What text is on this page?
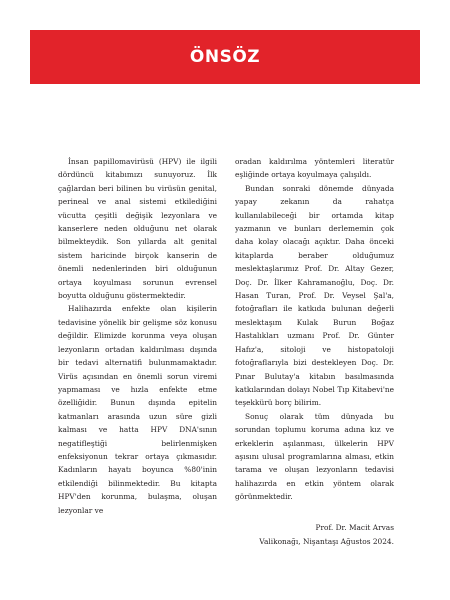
ÖNSÖZ

İnsan papillomavirüsü (HPV) ile ilgili dördüncü kitabımızı sunuyoruz. İlk çağlardan beri bilinen bu virüsün genital, perineal ve anal sistemi etkilediğini vücutta çeşitli değişik lezyonlara ve kanserlere neden olduğunu net olarak bilmekteydik. Son yıllarda alt genital sistem haricinde birçok kanserin de önemli nedenlerinden biri olduğunun ortaya koyulması sorunun evrensel boyutta olduğunu göstermektedir.

Halihazırda enfekte olan kişilerin tedavisine yönelik bir gelişme söz konusu değildir. Elimizde korunma veya oluşan lezyonların ortadan kaldırılması dışında bir tedavi alternatifi bulunmamaktadır. Virüs açısından en önemli sorun viremi yapmaması ve hızla enfekte etme özelliğidir. Bunun dışında epitelin katmanları arasında uzun süre gizli kalması ve hatta HPV DNA'sının negatifleştiği belirlenmişken enfeksiyonun tekrar ortaya çıkmasıdır. Kadınların hayatı boyunca %80'inin etkilendiği bilinmektedir. Bu kitapta HPV'den korunma, bulaşma, oluşan lezyonlar ve

oradan kaldırılma yöntemleri literatür eşliğinde ortaya koyulmaya çalışıldı.

Bundan sonraki dönemde dünyada yapay zekanın da rahatça kullanılabileceği bir ortamda kitap yazmanın ve bunları derlememin çok daha kolay olacağı açıktır. Daha önceki kitaplarda beraber olduğumuz meslektaşlarımız Prof. Dr. Altay Gezer, Doç. Dr. İlker Kahramanoğlu, Doç. Dr. Hasan Turan, Prof. Dr. Veysel Şal'a, fotoğrafları ile katkıda bulunan değerli meslektaşım Kulak Burun Boğaz Hastalıkları uzmanı Prof. Dr. Günter Hafız'a, sitoloji ve histopatoloji fotoğraflarıyla bizi destekleyen Doç. Dr. Pınar Bulutay'a kitabın basılmasında katkılarından dolayı Nobel Tıp Kitabevi'ne teşekkürü borç bilirim.

Sonuç olarak tüm dünyada bu sorundan toplumu koruma adına kız ve erkeklerin aşılanması, ülkelerin HPV aşısını ulusal programlarına alması, etkin tarama ve oluşan lezyonların tedavisi halihazırda en etkin yöntem olarak görünmektedir.

Prof. Dr. Macit Arvas
Valikonağı, Nişantaşı Ağustos 2024.
